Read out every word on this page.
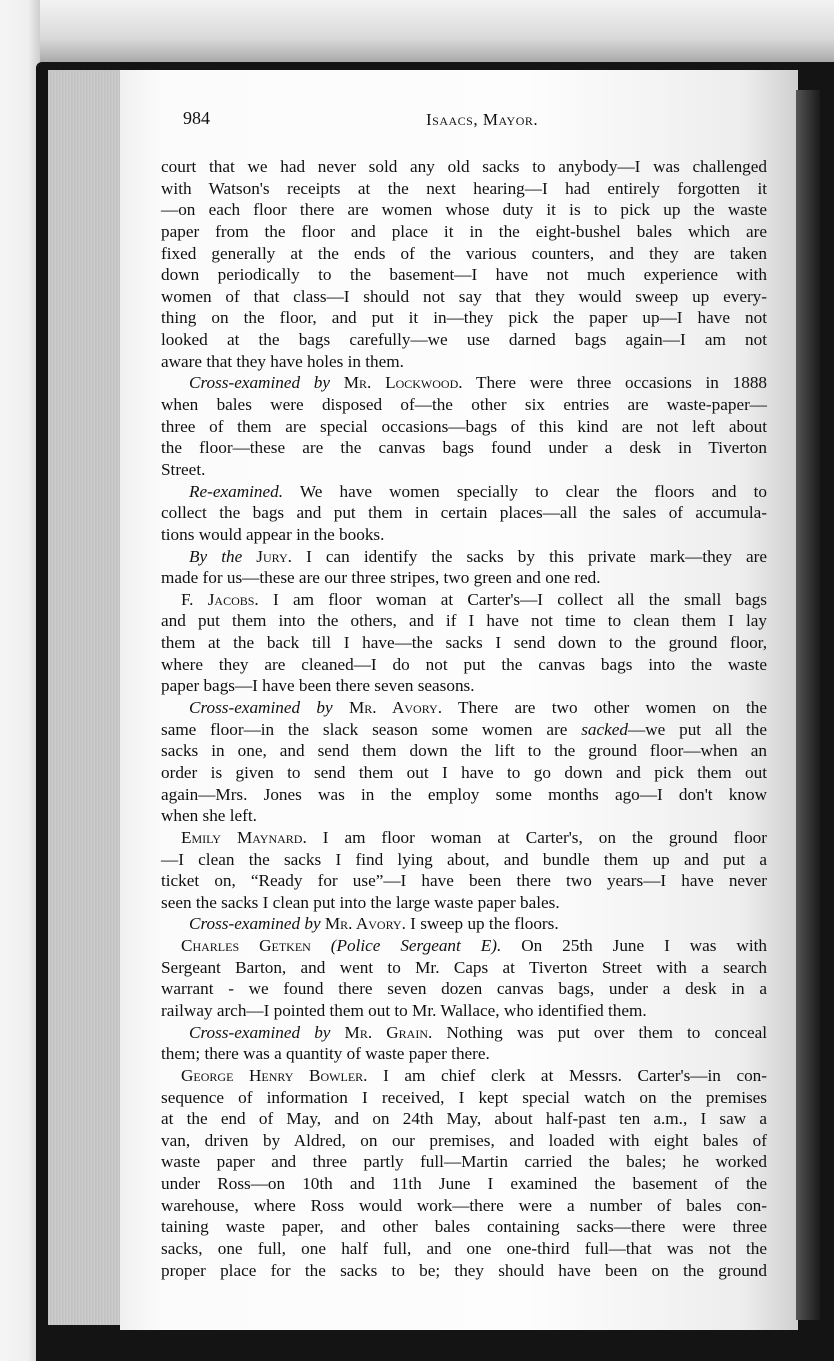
984	Isaacs, Mayor.
court that we had never sold any old sacks to anybody—I was challenged
with Watson's receipts at the next hearing—I had entirely forgotten it
—on each floor there are women whose duty it is to pick up the waste
paper from the floor and place it in the eight-bushel bales which are
fixed generally at the ends of the various counters, and they are taken
down periodically to the basement—I have not much experience with
women of that class—I should not say that they would sweep up every-
thing on the floor, and put it in—they pick the paper up—I have not
looked at the bags carefully—we use darned bags again—I am not
aware that they have holes in them.
Cross-examined by Mr. Lockwood. There were three occasions in 1888
when bales were disposed of—the other six entries are waste-paper—
three of them are special occasions—bags of this kind are not left about
the floor—these are the canvas bags found under a desk in Tiverton
Street.
Re-examined. We have women specially to clear the floors and to
collect the bags and put them in certain places—all the sales of accumula-
tions would appear in the books.
By the Jury. I can identify the sacks by this private mark—they are
made for us—these are our three stripes, two green and one red.
F. Jacobs. I am floor woman at Carter's—I collect all the small bags
and put them into the others, and if I have not time to clean them I lay
them at the back till I have—the sacks I send down to the ground floor,
where they are cleaned—I do not put the canvas bags into the waste
paper bags—I have been there seven seasons.
Cross-examined by Mr. Avory. There are two other women on the
same floor—in the slack season some women are sacked—we put all the
sacks in one, and send them down the lift to the ground floor—when an
order is given to send them out I have to go down and pick them out
again—Mrs. Jones was in the employ some months ago—I don't know
when she left.
Emily Maynard. I am floor woman at Carter's, on the ground floor
—I clean the sacks I find lying about, and bundle them up and put a
ticket on, “Ready for use”—I have been there two years—I have never
seen the sacks I clean put into the large waste paper bales.
Cross-examined by Mr. Avory. I sweep up the floors.
Charles Getken (Police Sergeant E). On 25th June I was with
Sergeant Barton, and went to Mr. Caps at Tiverton Street with a search
warrant - we found there seven dozen canvas bags, under a desk in a
railway arch—I pointed them out to Mr. Wallace, who identified them.
Cross-examined by Mr. Grain. Nothing was put over them to conceal
them; there was a quantity of waste paper there.
George Henry Bowler. I am chief clerk at Messrs. Carter's—in con-
sequence of information I received, I kept special watch on the premises
at the end of May, and on 24th May, about half-past ten a.m., I saw a
van, driven by Aldred, on our premises, and loaded with eight bales of
waste paper and three partly full—Martin carried the bales; he worked
under Ross—on 10th and 11th June I examined the basement of the
warehouse, where Ross would work—there were a number of bales con-
taining waste paper, and other bales containing sacks—there were three
sacks, one full, one half full, and one one-third full—that was not the
proper place for the sacks to be; they should have been on the ground
